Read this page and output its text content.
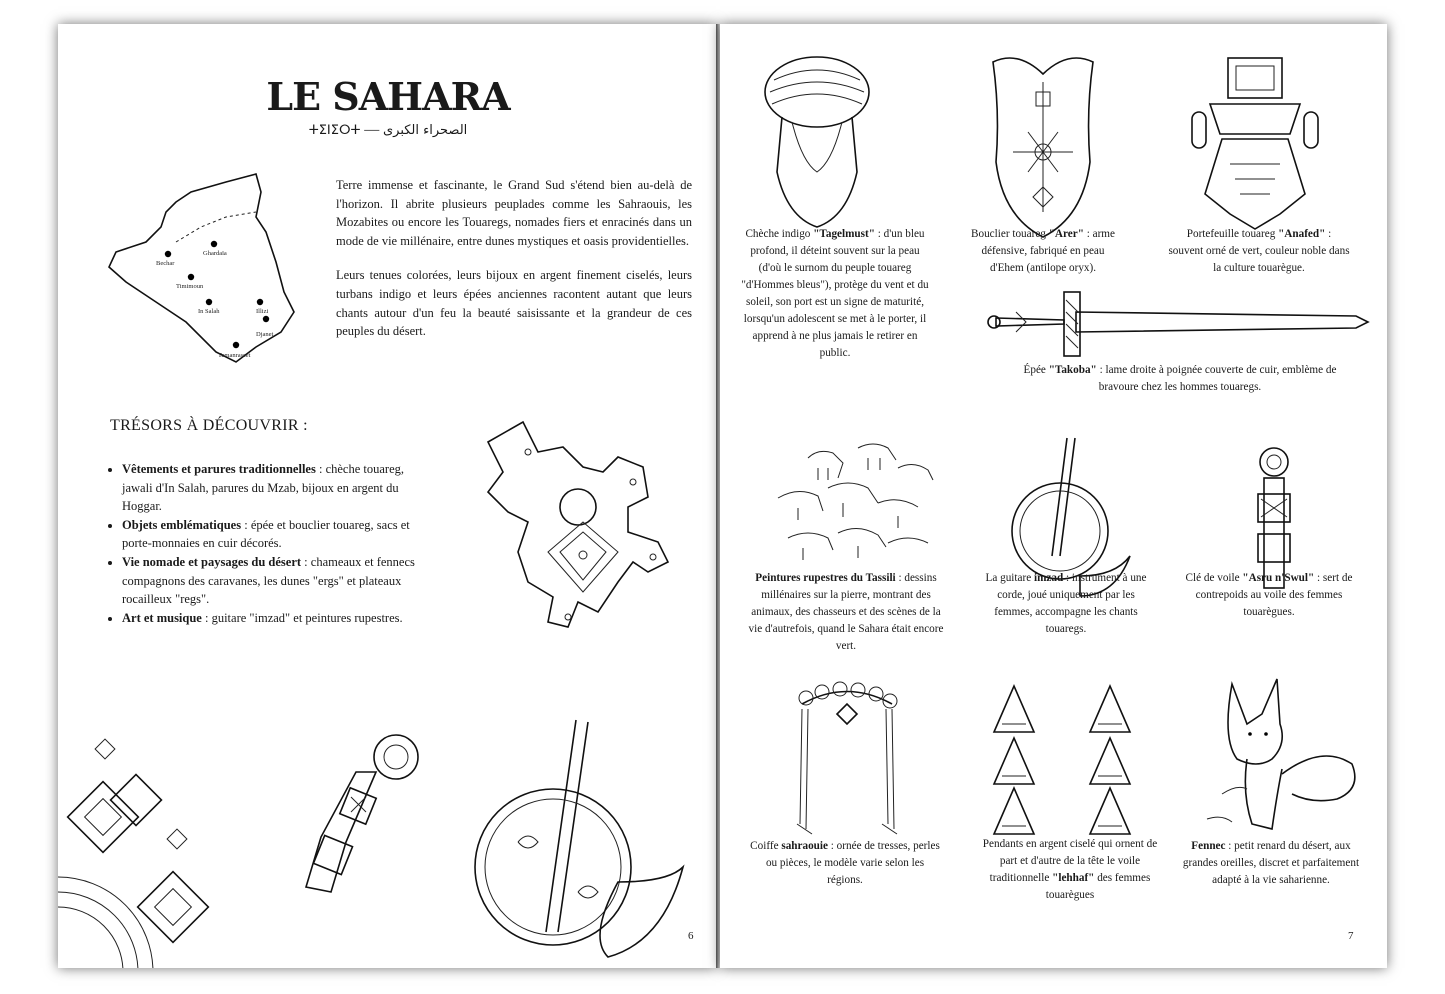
LE SAHARA
ⵜⵉⵏⵉⵔⵜ — الصحراء الكبرى
Bechar
Ghardaïa
Timimoun
In Salah	Illizi
Djanet
Tamanrasset

Terre immense et fascinante, le Grand Sud s'étend bien au-delà de l'horizon. Il abrite plusieurs peuplades comme les Sahraouis, les Mozabites ou encore les Touaregs, nomades fiers et enracinés dans un mode de vie millénaire, entre dunes mystiques et oasis providentielles.

Leurs tenues colorées, leurs bijoux en argent finement ciselés, leurs turbans indigo et leurs épées anciennes racontent autant que leurs chants autour d'un feu la beauté saisissante et la grandeur de ces peuples du désert.

TRÉSORS À DÉCOUVRIR :
• Vêtements et parures traditionnelles : chèche touareg, jawali d'In Salah, parures du Mzab, bijoux en argent du Hoggar.
• Objets emblématiques : épée et bouclier touareg, sacs et porte-monnaies en cuir décorés.
• Vie nomade et paysages du désert : chameaux et fennecs compagnons des caravanes, les dunes "ergs" et plateaux rocailleux "regs".
• Art et musique : guitare "imzad" et peintures rupestres.
6
Chèche indigo "Tagelmust" : d'un bleu profond, il déteint souvent sur la peau (d'où le surnom du peuple touareg "d'Hommes bleus"), protège du vent et du soleil, son port est un signe de maturité, lorsqu'un adolescent se met à le porter, il apprend à ne plus jamais le retirer en public.
Bouclier touareg "Arer" : arme défensive, fabriqué en peau d'Ehem (antilope oryx).
Portefeuille touareg "Anafed" : souvent orné de vert, couleur noble dans la culture touarègue.
Épée "Takoba" : lame droite à poignée couverte de cuir, emblème de bravoure chez les hommes touaregs.
Peintures rupestres du Tassili : dessins millénaires sur la pierre, montrant des animaux, des chasseurs et des scènes de la vie d'autrefois, quand le Sahara était encore vert.
La guitare imzad : instrument à une corde, joué uniquement par les femmes, accompagne les chants touaregs.
Clé de voile "Asru n'Swul" : sert de contrepoids au voile des femmes touarègues.
Coiffe sahraouie : ornée de tresses, perles ou pièces, le modèle varie selon les régions.
Pendants en argent ciselé qui ornent de part et d'autre de la tête le voile traditionnelle "lehhaf" des femmes touarègues
Fennec : petit renard du désert, aux grandes oreilles, discret et parfaitement adapté à la vie saharienne.
7
